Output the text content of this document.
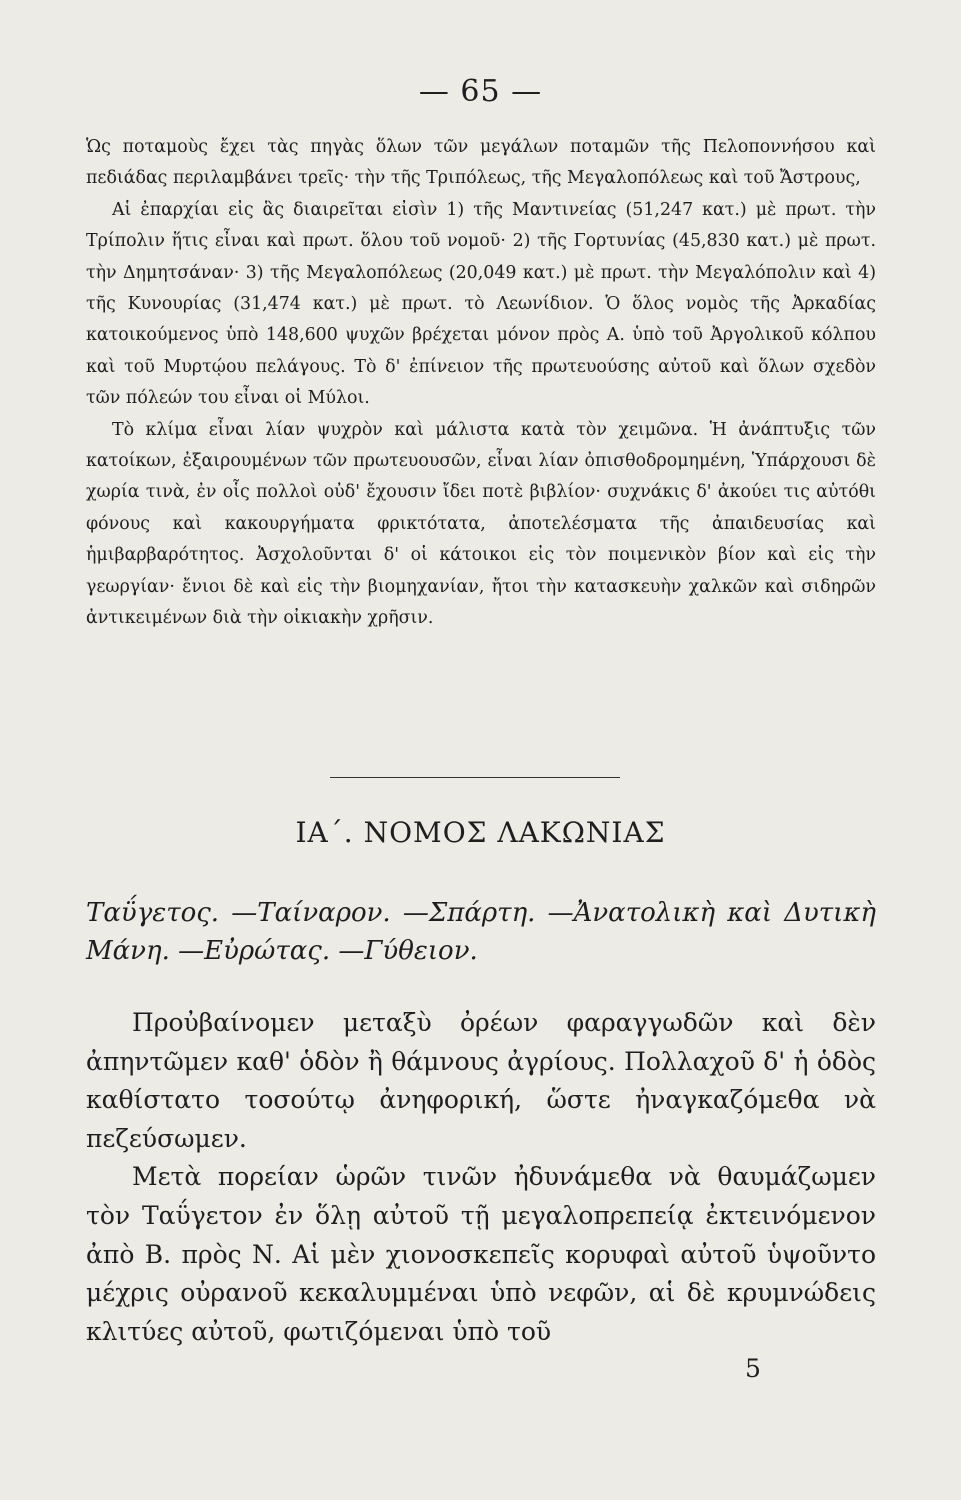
— 65 —

Ὡς ποταμοὺς ἔχει τὰς πηγὰς ὅλων τῶν μεγάλων ποταμῶν τῆς Πελοποννήσου καὶ πεδιάδας περιλαμβάνει τρεῖς· τὴν τῆς Τριπόλεως, τῆς Μεγαλοπόλεως καὶ τοῦ Ἄστρους,

Αἱ ἐπαρχίαι εἰς ἃς διαιρεῖται εἰσὶν 1) τῆς Μαντινείας (51,247 κατ.) μὲ πρωτ. τὴν Τρίπολιν ἥτις εἶναι καὶ πρωτ. ὅλου τοῦ νομοῦ· 2) τῆς Γορτυνίας (45,830 κατ.) μὲ πρωτ. τὴν Δημητσάναν· 3) τῆς Μεγαλοπόλεως (20,049 κατ.) μὲ πρωτ. τὴν Μεγαλόπολιν καὶ 4) τῆς Κυνουρίας (31,474 κατ.) μὲ πρωτ. τὸ Λεωνίδιον. Ὁ ὅλος νομὸς τῆς Ἀρκαδίας κατοικούμενος ὑπὸ 148,600 ψυχῶν βρέχεται μόνον πρὸς Α. ὑπὸ τοῦ Ἀργολικοῦ κόλπου καὶ τοῦ Μυρτῴου πελάγους. Τὸ δ' ἐπίνειον τῆς πρωτευούσης αὐτοῦ καὶ ὅλων σχεδὸν τῶν πόλεών του εἶναι οἱ Μύλοι.

Τὸ κλίμα εἶναι λίαν ψυχρὸν καὶ μάλιστα κατὰ τὸν χειμῶνα. Ἡ ἀνάπτυξις τῶν κατοίκων, ἐξαιρουμένων τῶν πρωτευουσῶν, εἶναι λίαν ὀπισθοδρομημένη, Ὑπάρχουσι δὲ χωρία τινὰ, ἐν οἷς πολλοὶ οὐδ' ἔχουσιν ἴδει ποτὲ βιβλίον· συχνάκις δ' ἀκούει τις αὐτόθι φόνους καὶ κακουργήματα φρικτότατα, ἀποτελέσματα τῆς ἀπαιδευσίας καὶ ἡμιβαρβαρότητος. Ἀσχολοῦνται δ' οἱ κάτοικοι εἰς τὸν ποιμενικὸν βίον καὶ εἰς τὴν γεωργίαν· ἔνιοι δὲ καὶ εἰς τὴν βιομηχανίαν, ἤτοι τὴν κατασκευὴν χαλκῶν καὶ σιδηρῶν ἀντικειμένων διὰ τὴν οἰκιακὴν χρῆσιν.

ΙΑ΄. ΝΟΜΟΣ ΛΑΚΩΝΙΑΣ
Ταΰγετος. —Ταίναρον. —Σπάρτη. —Ἀνατολικὴ καὶ Δυτικὴ Μάνη. —Εὐρώτας. —Γύθειον.

Προὐβαίνομεν μεταξὺ ὀρέων φαραγγωδῶν καὶ δὲν ἀπηντῶμεν καθ' ὁδὸν ἢ θάμνους ἀγρίους. Πολλαχοῦ δ' ἡ ὁδὸς καθίστατο τοσούτῳ ἀνηφορική, ὥστε ἠναγκαζόμεθα νὰ πεζεύσωμεν.

Μετὰ πορείαν ὡρῶν τινῶν ἠδυνάμεθα νὰ θαυμάζωμεν τὸν Ταΰγετον ἐν ὅλῃ αὐτοῦ τῇ μεγαλοπρεπείᾳ ἐκτεινόμενον ἀπὸ Β. πρὸς Ν. Αἱ μὲν χιονοσκεπεῖς κορυφαὶ αὐτοῦ ὑψοῦντο μέχρις οὐρανοῦ κεκαλυμμέναι ὑπὸ νεφῶν, αἱ δὲ κρυμνώδεις κλιτύες αὐτοῦ, φωτιζόμεναι ὑπὸ τοῦ

5
